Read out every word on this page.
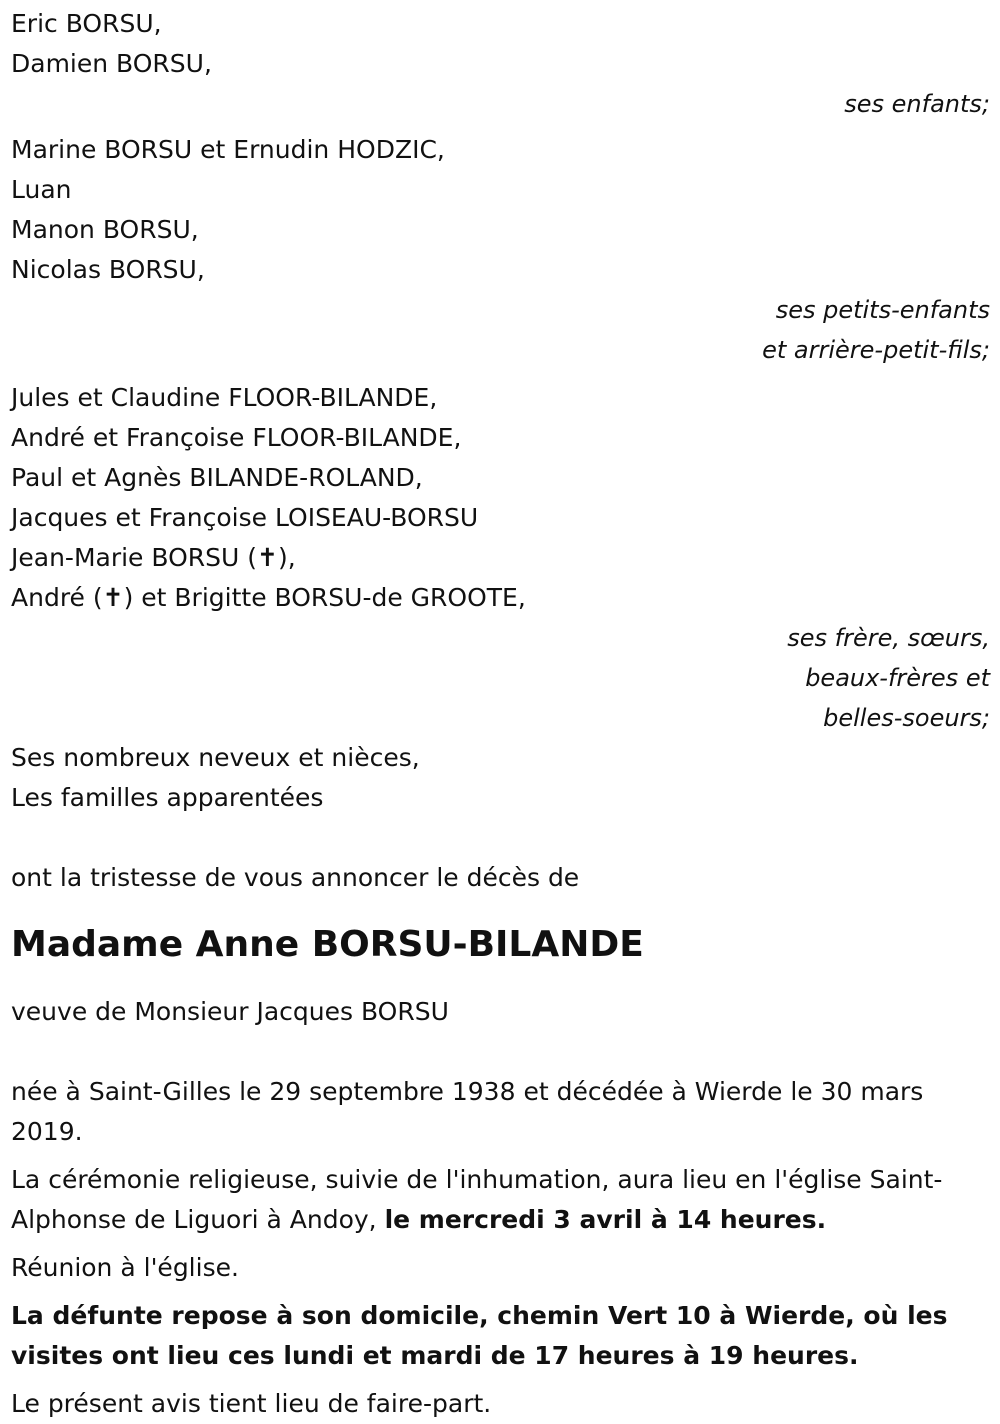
Eric BORSU,
Damien BORSU,
ses enfants;
Marine BORSU et Ernudin HODZIC,
Luan
Manon BORSU,
Nicolas BORSU,
ses petits-enfants
et arrière-petit-fils;
Jules et Claudine FLOOR-BILANDE,
André et Françoise FLOOR-BILANDE,
Paul et Agnès BILANDE-ROLAND,
Jacques et Françoise LOISEAU-BORSU
Jean-Marie BORSU (✝),
André (✝) et Brigitte BORSU-de GROOTE,
ses frère, sœurs,
beaux-frères et
belles-soeurs;
Ses nombreux neveux et nièces,
Les familles apparentées
ont la tristesse de vous annoncer le décès de
Madame Anne BORSU-BILANDE
veuve de Monsieur Jacques BORSU
née à Saint-Gilles le 29 septembre 1938 et décédée à Wierde le 30 mars 2019.
La cérémonie religieuse, suivie de l'inhumation, aura lieu en l'église Saint-Alphonse de Liguori à Andoy, le mercredi 3 avril à 14 heures.
Réunion à l'église.
La défunte repose à son domicile, chemin Vert 10 à Wierde, où les visites ont lieu ces lundi et mardi de 17 heures à 19 heures.
Le présent avis tient lieu de faire-part.
